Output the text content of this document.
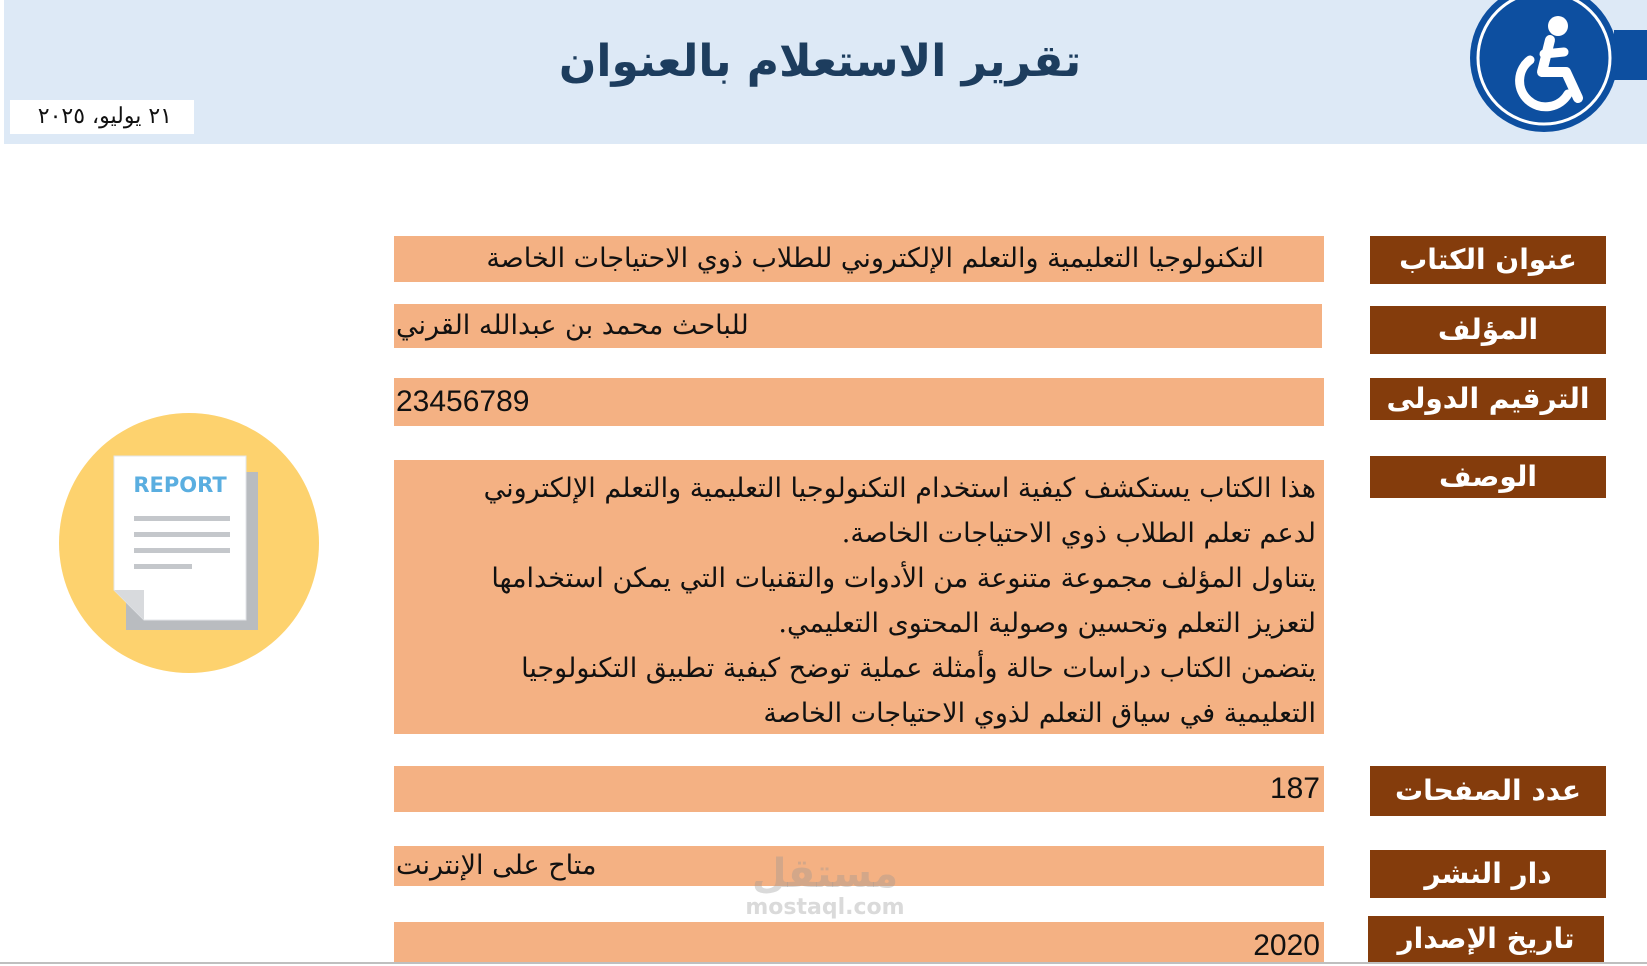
تقرير الاستعلام بالعنوان
٢١ يوليو، ٢٠٢٥
عنوان الكتاب
التكنولوجيا التعليمية والتعلم الإلكتروني للطلاب ذوي الاحتياجات الخاصة
المؤلف
للباحث محمد بن عبدالله القرني
الترقيم الدولى
23456789
الوصف
هذا الكتاب يستكشف كيفية استخدام التكنولوجيا التعليمية والتعلم الإلكتروني
لدعم تعلم الطلاب ذوي الاحتياجات الخاصة.
يتناول المؤلف مجموعة متنوعة من الأدوات والتقنيات التي يمكن استخدامها
لتعزيز التعلم وتحسين وصولية المحتوى التعليمي.
يتضمن الكتاب دراسات حالة وأمثلة عملية توضح كيفية تطبيق التكنولوجيا
التعليمية في سياق التعلم لذوي الاحتياجات الخاصة
عدد الصفحات
187
دار النشر
متاح على الإنترنت
تاريخ الإصدار
2020
REPORT
مستقل
mostaql.com
